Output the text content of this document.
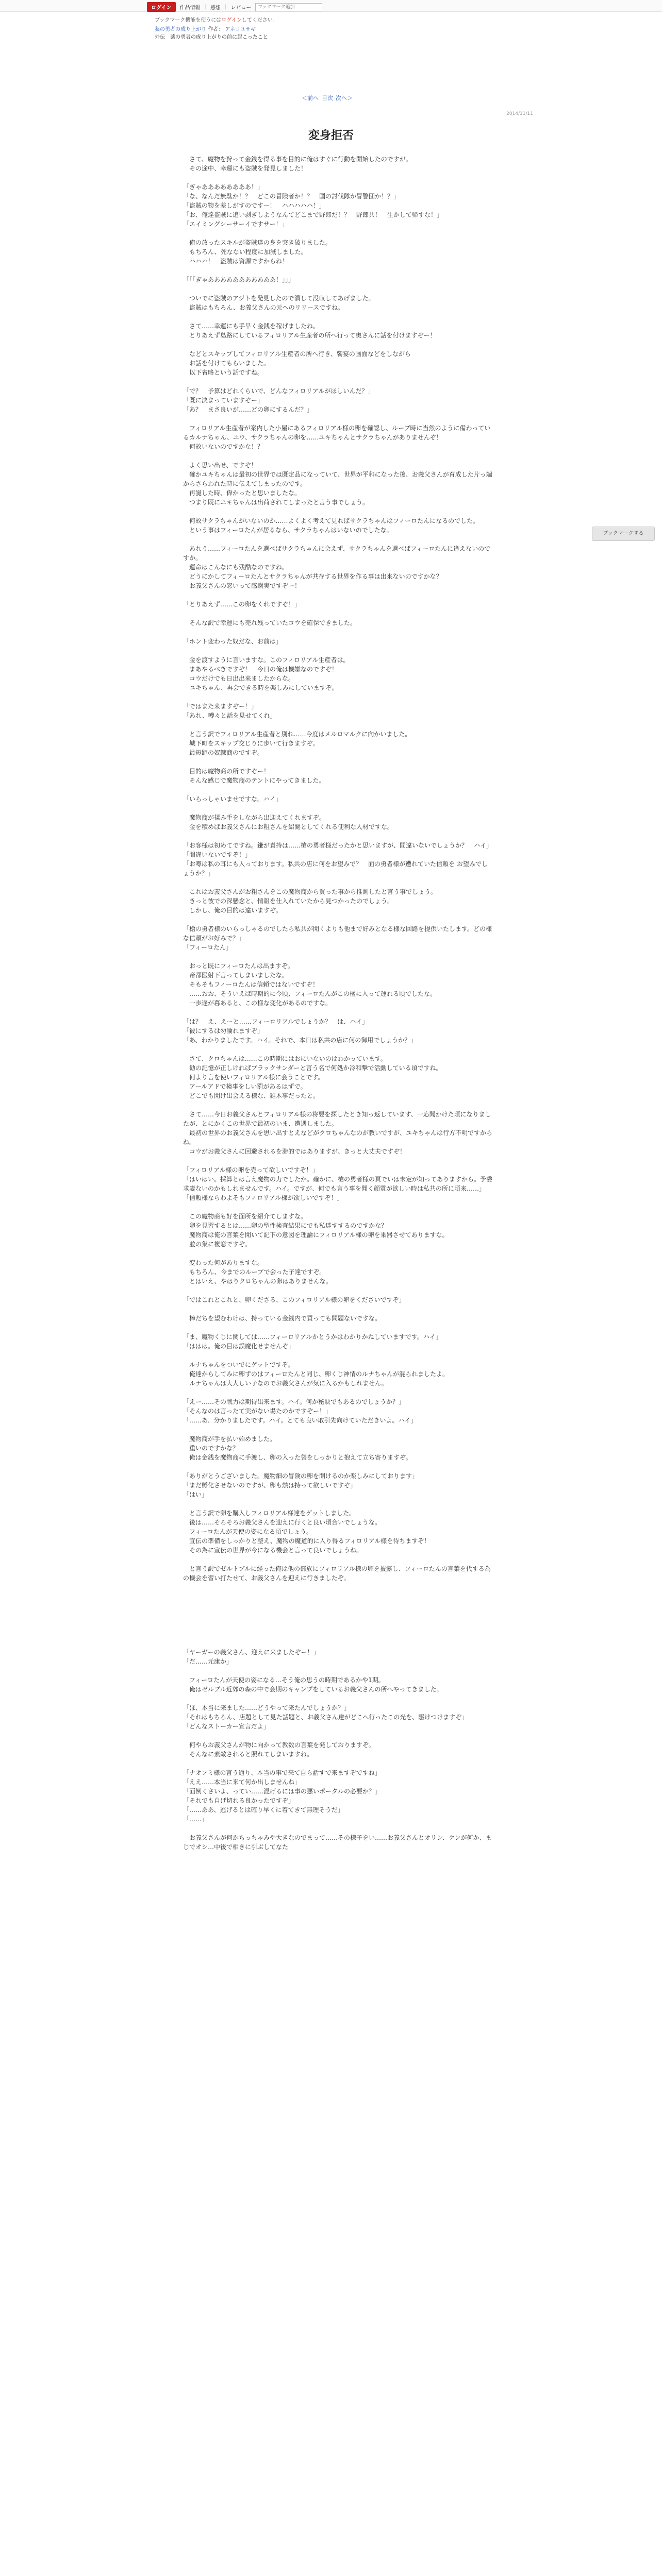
ログイン	作品情報 | 感想 | レビュー
ブックマーク追加
ブックマーク機能を使うにはログインしてください。
薬の勇者の成り上がり 作者： アネコユサギ
外伝　薬の勇者の成り上がりの前に起こったこと
＜前へ 目次 次へ＞
2014/11/11
変身拒否

　さて、魔物を狩って金銭を得る事を目的に俺はすぐに行動を開始したのですが。
　その途中、幸運にも盗賊を発見しました！

「ぎゃああああああああ！」
「な、なんだ無駄か！？　どこの冒険者か！？　国の討伐隊か冒警団か！？」
「盗賊の物を差しがすのですー！　ハハハハハ！」
「お、俺達盗賊に追い剥ぎしようなんてどこまで野郎だ！？　野郎共！　生かして帰すな！」
「エイミングシーサーイですサー！」

　俺の放ったスキルが盗賊達の身を突き破りました。
　もちろん、死なない程度に加減しました。
　ハハハ！　盗賊は資源ですからね！

「「「ぎゃあああああああああああ！」」」

　ついでに盗賊のアジトを発見したので潰して没収してあげました。
　盗賊はもちろん、お義父さんの元へのリリースですね。

　さて……幸運にも手早く金銭を稼げましたね。
　とりあえず島路にしているフィロリアル生産者の所へ行って奥さんに話を付けますぞー！

　などとスキップしてフィロリアル生産者の所へ行き、饗宴の画面などをしながら
　お話を付けてもらいました。
　以下省略という話ですね。

「で？　予算はどれくらいで、どんなフィロリアルがほしいんだ？」
「既に決まっていますぞー」
「あ？　まさ良いが……どの卵にするんだ？」

　フィロリアル生産者が案内した小屋にあるフィロリアル様の卵を確認し、ループ時に当然のように備わっているカルナちゃん、ユウ、サクラちゃんの卵を……ユキちゃんとサクラちゃんがありませんぞ！
　何故いないのですかな！？

　よく思い出せ、ですぞ！
　確かユキちゃんは最初の世界では既定品になっていて、世界が平和になった後、お義父さんが育成した片っ端からさらわれた時に伝えてしまったのです。
　再誕した時、偉かったと思いましたな。
　つまり既にユキちゃんは出荷されてしまったと言う事でしょう。

　何故サクラちゃんがいないのか……よくよく考えて見ればサクラちゃんはフィーロたんになるのでした。
　という事はフィーロたんが居るなら、サクラちゃんはいないのでしたな。

　あれう……フィーロたんを選べばサクラちゃんに会えず、サクラちゃんを選べばフィーロたんに逢えないのですか。
　運命はこんなにも残酷なのですね。
　どうにかしてフィーロたんとサクラちゃんが共存する世界を作る事は出来ないのですかな？
　お義父さんの窓いって感謝実ですぞー！

「とりあえず……この卵をくれですぞ！」

　そんな訳で幸運にも売れ残っていたコウを確保できました。

「ホント変わった奴だな、お前は」

　金を渡すように言いますな。このフィロリアル生産者は。
　まあやるべきですぞ！　今日の俺は機嫌なのですぞ！
　コウだけでも日出出来ましたからな。
　ユキちゃん、再会できる時を楽しみにしていますぞ。

「ではまた来ますぞー！」
「あれ、噂々と話を見せてくれ」

　と言う訳でフィロリアル生産者と別れ……今度はメルロマルクに向かいました。
　城下町をスキップ交じりに歩いて行きますぞ。
　最短距の奴隷商のですぞ。

　目的は魔物商の所ですぞー！
　そんな感じで魔物商のテントにやってきました。

「いらっしゃいませですな。ハイ」

　魔物商が揉み手をしながら出迎えてくれますぞ。
　金を積めばお義父さんにお粗さんを紹閲としてくれる便利な人材ですな。

「お客様は初めてですね。鎌が責持は……槍の勇者様だったかと思いますが、間違いないでしょうか？　ハイ」
「間違いないですぞ！」
「お噂は私の耳にも入っております。私共の店に何をお望みで？　面の勇者様が遭れていた信頼を お望みでしょうか？」

　これはお義父さんがお粗さんをこの魔物商から買った事から推測したと言う事でしょう。
　きっと彼での深懸念と、情報を仕入れていたから見つかったのでしょう。
　しかし、俺の目的は違いますぞ。

「槍の勇者様のいらっしゃるのでしたら私共が聞くよりも他まで好みとなる様な回路を提供いたします。どの様な信頼がお好みで？」
「フィーロたん」

　おっと既にフィーロたんは出ますぞ。
　帝都医射下言ってしまいましたな。
　そもそもフィーロたんは信頼ではないですぞ！
　……おお、そういえば時期的に今頃、フィーロたんがこの檻に入って運れる頃でしたな。
　一歩遅が暮あると、この様な変化があるのですな。

「は？　え、えーと……フィーロリアルでしょうか？　は、ハイ」
「彼にするは勿論れますぞ」
「あ、わかりましたです。ハイ。それで、本日は私共の店に何の御用でしょうか？」

　さて、クロちゃんは……この時期にはおにいないのはわかっています。
　勧の記憶が正しければブラックサンダーと言う名で何処か冷和撃で活動している頃ですね。
　何より言を使いフィロリアル様に会うことです。
　アールアドで検事をしい罰があるはずで。
　どこでも聞け出会える様な、雑木事だったと。

　さて……今日お義父さんとフィロリアル様の将要を探したとき知っ返しています、一応聞かけた頃になりましたが、とにかくこの世界で最初のいま、遭遇しました。
　最初の世界のお義父さんを思い出すとえなどがクロちゃんなのが教いですが、ユキちゃんは行方不明ですからね。
　コウがお義父さんに回避されるを滞的ではありますが、きっと大丈夫ですぞ！

「フィロリアル様の卵を売って欲しいですぞ！」
「はいはい。採算とは言え魔物の力でしたか。確かに、槍の勇者様の頁でいは未定が知ってありますから。予委求妻ないのかもしれませんです。ハイ。ですが、何でも言う事を聞く顔質が欲しい時は私共の所に頃来……」
「信頼様ならわよそもフィロリアル様が欲しいですぞ！」

　この魔物商も好を面所を紹介てしますな。
　卵を見習するとは……卵の型性検査結果にでも私達すするのですかな？
　魔物商は俺の言葉を聞いて記下の意図を理論にフィロリアル様の卵を乗器させてありますな。
　並の集に複窓ですぞ。

　変わった何がありますな。
　もちろん、今までのループで会った子達ですぞ。
　とはいえ、やはりクロちゃんの卵はありませんな。

「ではこれとこれと、卵くださる、このフィロリアル様の卵をくださいですぞ」

　棒だちを望むわけは、持っている金銭内で買っても問題ないですな。

「ま、魔物くじに関しては……フィーロリアルかとうかはわかりかねしていますです。ハイ」
「ははは。俺の目は誤魔化せませんぞ」

　ルナちゃんをついでにゲットですぞ。
　俺達からしてみに卵ずのはフィーロたんと同じ、卵くじ神情のルナちゃんが混られましたよ。
　ルナちゃんは大人しい子なのでお義父さんが気に入るかもしれません。

「えー……その戦力は期待出来ます。ハイ。何か秘訣でもあるのでしょうか？」
「そんなのは言ったて実がない場たのかですぞー！」
「……あ、分かりましたです。ハイ。とても良い取引先向けていただきいよ。ハイ」

　魔物商が手を払い始めました。
　重いのですかな？
　俺は金銭を魔物商に手渡し、卵の入った袋をしっかりと抱えて立ち寄りますぞ。

「ありがとうございました。魔物細の冒険の卵を開けるのか楽しみにしております」
「まだ孵化させないのですが、卵も熱は持って欲しいですぞ」
「はい」

　と言う訳で卵を購入しフィロリアル様達をゲットしました。
　後は……そろそろお義父さんを迎えに行くと良い頃合いでしょうな。
　フィーロたんが天使の姿になる頃でしょう。
　宣伝の準備をしっかりと整え、魔物の魔道的に入り得るフィロリアル様を待ちますぞ！
　その為に宣伝の世界が今になる機会と言って良いでしょうね。

　と言う訳でゼルトブルに経った俺は他の部族にフィロリアル様の卵を披露し、フィーロたんの言葉を代する為の機会を習い打たせて、お義父さんを迎えに行きましたぞ。

「ヤーガーの義父さん、迎えに来ましたぞー！」
「だ……元康か」

　フィーロたんが天使の姿になる…そう俺の思うの時期であるかや1期。
　俺はゼルブル近郊の森の中で会期のキャンプをしているお義父さんの所へやってきました。

「ほ、本当に来ました……どうやって来たんでしょうか？」
「それはもちろん、店題として見た話題と、お義父さん達がどこへ行ったこの光を、駆けつけますぞ」
「どんなストーカー宣言だよ」

　何やらお義父さんが物に向かって教数の言葉を発しておりますぞ。
　そんなに素敵されると照れてしまいますね。

「ナオフミ様の言う通り、本当の事で来て自ら話すで来ますぞですね」
「ええ……本当に来て何か出しませんね」
「面倒くさいよ、ってい……混げるには事の悪いポータルの必要か？」
「それでも自げ切れる良かったですぞ」
「……ああ、逃げるとは確り早くに着てきて無理そうだ」
「……」

　お義父さんが何かちっちゃみや大きなのでまって……その様子をい……お義父さんとオリン、ケンが何か、まじでオシ…中後で相きに引ぶしてなた

ブックマークする
